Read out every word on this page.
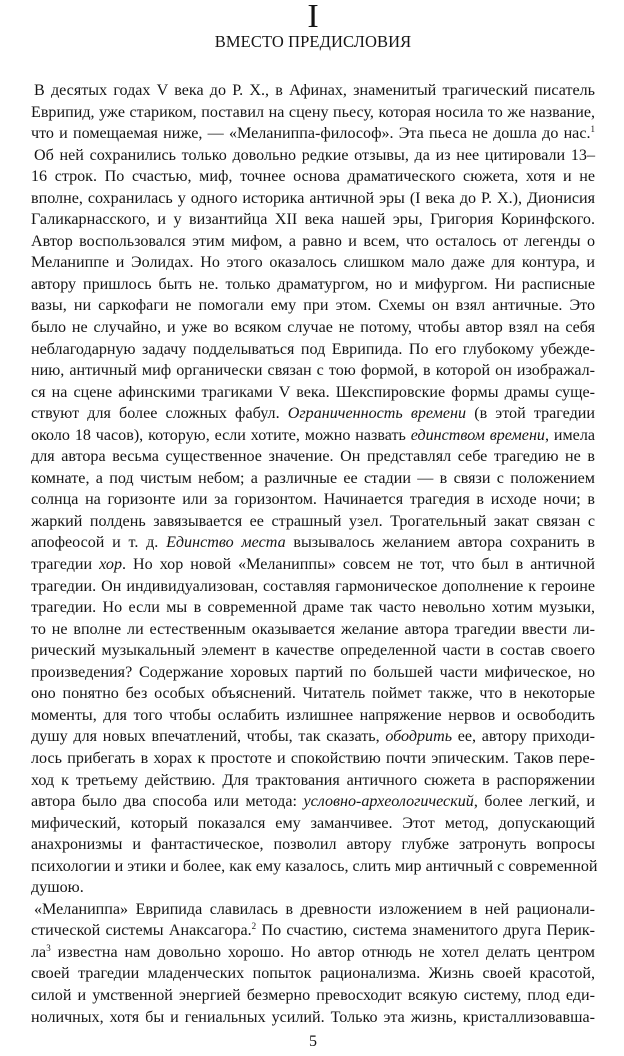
I
ВМЕСТО ПРЕДИСЛОВИЯ
В десятых годах V века до Р. Х., в Афинах, знаменитый трагический писатель
Еврипид, уже стариком, поставил на сцену пьесу, которая носила то же название,
что и помещаемая ниже, — «Меланиппа-философ». Эта пьеса не дошла до нас.$^1$
Об ней сохранились только довольно редкие отзывы, да из нее цитировали 13–
16 строк. По счастью, миф, точнее основа драматического сюжета, хотя и не
вполне, сохранилась у одного историка античной эры (I века до Р. Х.), Дионисия
Галикарнасского, и у византийца XII века нашей эры, Григория Коринфского.
Автор воспользовался этим мифом, а равно и всем, что осталось от легенды о
Меланиппе и Эолидах. Но этого оказалось слишком мало даже для контура, и
автору пришлось быть не. только драматургом, но и мифургом. Ни расписные
вазы, ни саркофаги не помогали ему при этом. Схемы он взял античные. Это
было не случайно, и уже во всяком случае не потому, чтобы автор взял на себя
неблагодарную задачу подделываться под Еврипида. По его глубокому убежде-
нию, античный миф органически связан с тою формой, в которой он изображал-
ся на сцене афинскими трагиками V века. Шекспировские формы драмы суще-
ствуют для более сложных фабул. Ограниченность времени (в этой трагедии
около 18 часов), которую, если хотите, можно назвать единством времени, имела
для автора весьма существенное значение. Он представлял себе трагедию не в
комнате, а под чистым небом; а различные ее стадии — в связи с положением
солнца на горизонте или за горизонтом. Начинается трагедия в исходе ночи; в
жаркий полдень завязывается ее страшный узел. Трогательный закат связан с
апофеосой и т. д. Единство места вызывалось желанием автора сохранить в
трагедии хор. Но хор новой «Меланиппы» совсем не тот, что был в античной
трагедии. Он индивидуализован, составляя гармоническое дополнение к героине
трагедии. Но если мы в современной драме так часто невольно хотим музыки,
то не вполне ли естественным оказывается желание автора трагедии ввести ли-
рический музыкальный элемент в качестве определенной части в состав своего
произведения? Содержание хоровых партий по большей части мифическое, но
оно понятно без особых объяснений. Читатель поймет также, что в некоторые
моменты, для того чтобы ослабить излишнее напряжение нервов и освободить
душу для новых впечатлений, чтобы, так сказать, ободрить ее, автору приходи-
лось прибегать в хорах к простоте и спокойствию почти эпическим. Таков пере-
ход к третьему действию. Для трактования античного сюжета в распоряжении
автора было два способа или метода: условно-археологический, более легкий, и
мифический, который показался ему заманчивее. Этот метод, допускающий
анахронизмы и фантастическое, позволил автору глубже затронуть вопросы
психологии и этики и более, как ему казалось, слить мир античный с современной
душою.
«Меланиппа» Еврипида славилась в древности изложением в ней рационали-
стической системы Анаксагора.$^2$ По счастию, система знаменитого друга Перик-
$ла^3$ известна нам довольно хорошо. Но автор отнюдь не хотел делать центром
своей трагедии младенческих попыток рационализма. Жизнь своей красотой,
силой и умственной энергией безмерно превосходит всякую систему, плод еди-
ноличных, хотя бы и гениальных усилий. Только эта жизнь, кристаллизовавша-
5
